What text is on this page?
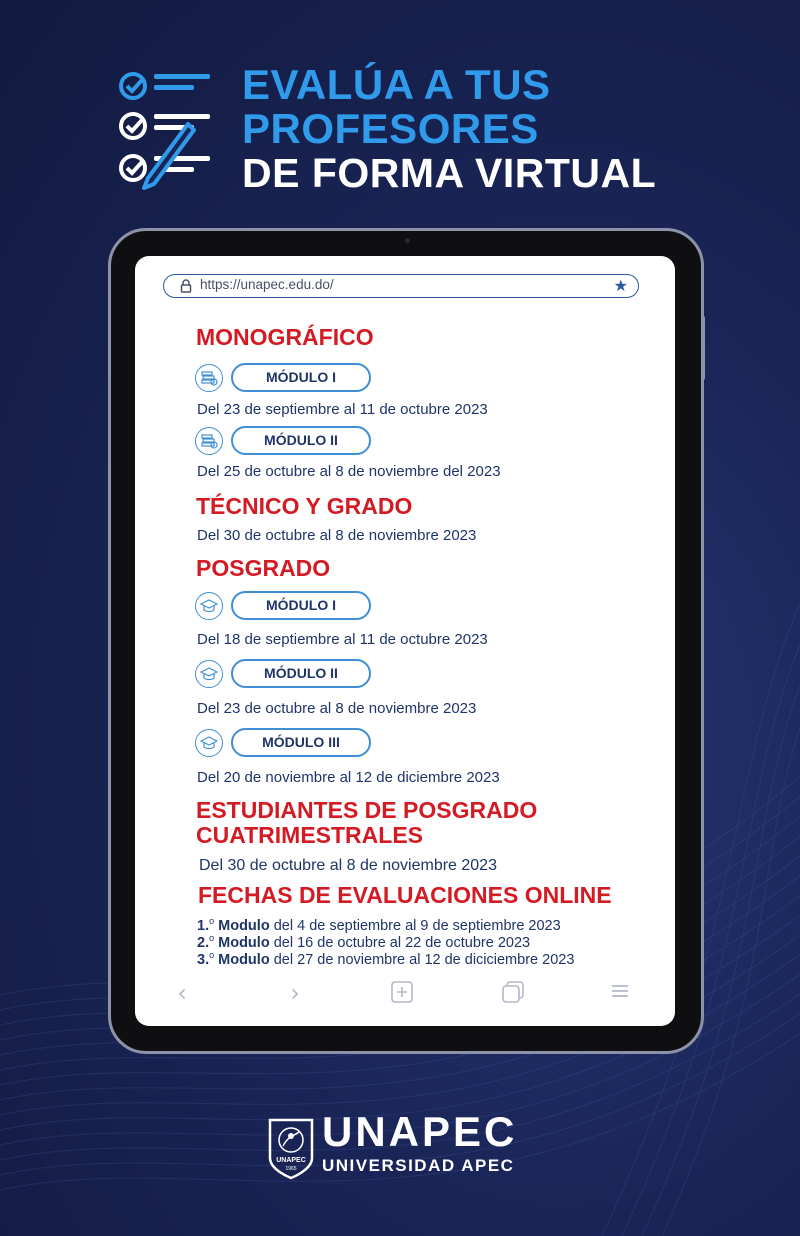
EVALÚA A TUS
PROFESORES
DE FORMA VIRTUAL
https://unapec.edu.do/	★
MONOGRÁFICO
MÓDULO I

Del 23 de septiembre al 11 de octubre 2023

MÓDULO II

Del 25 de octubre al 8 de noviembre del 2023

TÉCNICO Y GRADO

Del 30 de octubre al 8 de noviembre 2023

POSGRADO
MÓDULO I

Del 18 de septiembre al 11 de octubre 2023

MÓDULO II

Del 23 de octubre al 8 de noviembre 2023

MÓDULO III

Del 20 de noviembre al 12 de diciembre 2023

ESTUDIANTES DE POSGRADO
CUATRIMESTRALES

Del 30 de octubre al 8 de noviembre 2023

FECHAS DE EVALUACIONES ONLINE

1.$^o$ Modulo del 4 de septiembre al 9 de septiembre 2023

2.$^o$ Modulo del 16 de octubre al 22 de octubre 2023

3.$^o$ Modulo del 27 de noviembre al 12 de diciciembre 2023

‹	›
UNAPEC
1965
UNAPEC
UNIVERSIDAD APEC
